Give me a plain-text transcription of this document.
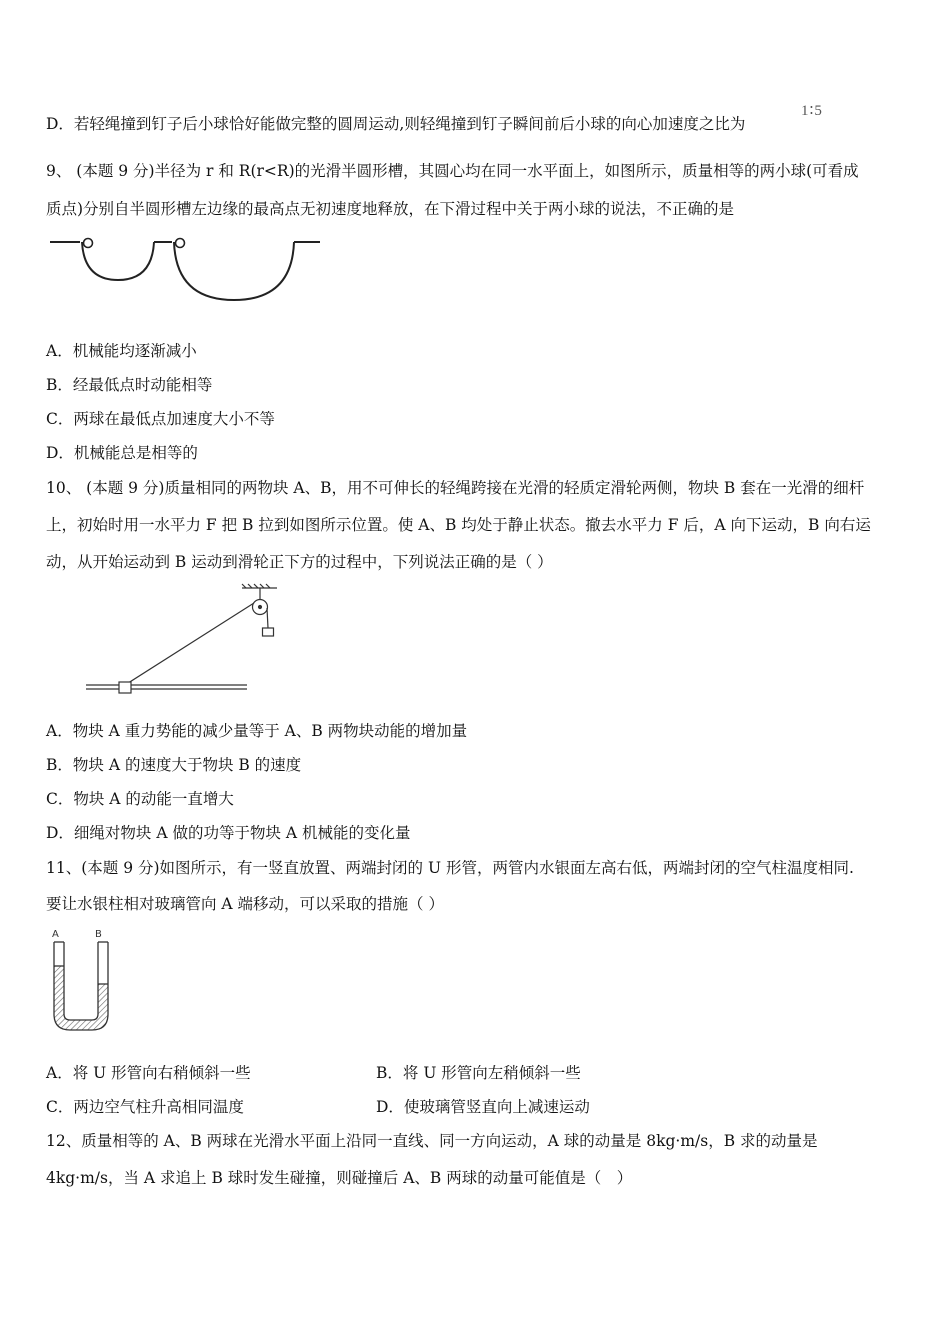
D．若轻绳撞到钉子后小球恰好能做完整的圆周运动,则轻绳撞到钉子瞬间前后小球的向心加速度之比为
1∶5
9、 (本题 9 分)半径为 r 和 R(r<R)的光滑半圆形槽，其圆心均在同一水平面上，如图所示，质量相等的两小球(可看成
质点)分别自半圆形槽左边缘的最高点无初速度地释放，在下滑过程中关于两小球的说法，不正确的是
A．机械能均逐渐减小
B．经最低点时动能相等
C．两球在最低点加速度大小不等
D．机械能总是相等的
10、 (本题 9 分)质量相同的两物块 A、B，用不可伸长的轻绳跨接在光滑的轻质定滑轮两侧，物块 B 套在一光滑的细杆
上，初始时用一水平力 F 把 B 拉到如图所示位置。使 A、B 均处于静止状态。撤去水平力 F 后，A 向下运动，B 向右运
动，从开始运动到 B 运动到滑轮正下方的过程中，下列说法正确的是（ ）
A．物块 A 重力势能的减少量等于 A、B 两物块动能的增加量
B．物块 A 的速度大于物块 B 的速度
C．物块 A 的动能一直增大
D．细绳对物块 A 做的功等于物块 A 机械能的变化量
11、(本题 9 分)如图所示，有一竖直放置、两端封闭的 U 形管，两管内水银面左高右低，两端封闭的空气柱温度相同.
要让水银柱相对玻璃管向 A 端移动，可以采取的措施（ ）
A	B
A．将 U 形管向右稍倾斜一些	B．将 U 形管向左稍倾斜一些
C．两边空气柱升高相同温度	D．使玻璃管竖直向上减速运动
12、质量相等的 A、B 两球在光滑水平面上沿同一直线、同一方向运动，A 球的动量是 8kg·m/s，B 求的动量是
4kg·m/s，当 A 求追上 B 球时发生碰撞，则碰撞后 A、B 两球的动量可能值是（　）
